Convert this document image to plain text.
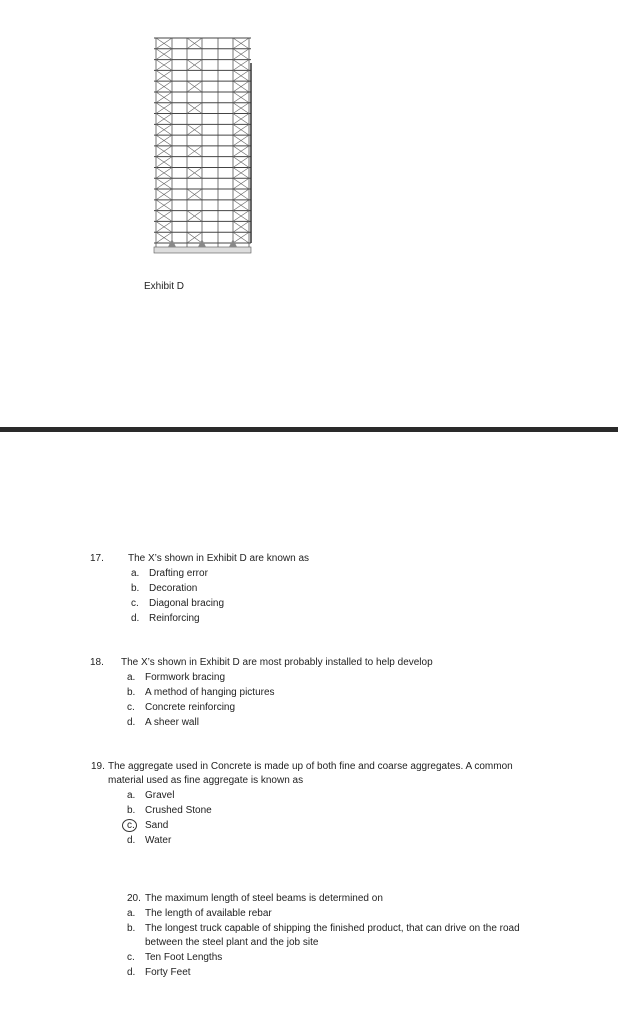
Exhibit D
17. The X’s shown in Exhibit D are known as
a. Drafting error
b. Decoration
c. Diagonal bracing
d. Reinforcing
18. The X’s shown in Exhibit D are most probably installed to help develop
a. Formwork bracing
b. A method of hanging pictures
c. Concrete reinforcing
d. A sheer wall
19. The aggregate used in Concrete is made up of both fine and coarse aggregates. A common
material used as fine aggregate is known as
a. Gravel
b. Crushed Stone
c. Sand
d. Water
20. The maximum length of steel beams is determined on
a. The length of available rebar
b. The longest truck capable of shipping the finished product, that can drive on the road
between the steel plant and the job site
c. Ten Foot Lengths
d. Forty Feet
